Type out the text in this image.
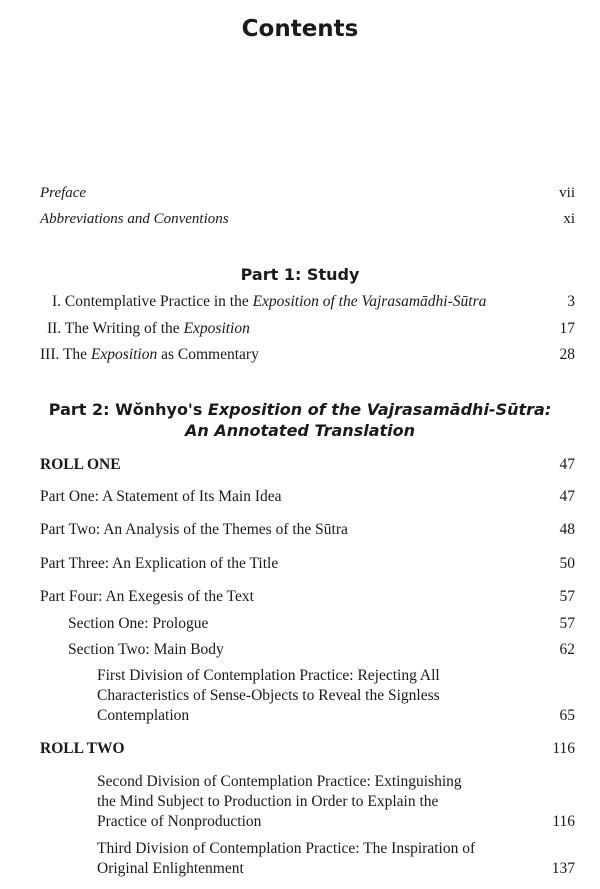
Contents
Preface	vii
Abbreviations and Conventions	xi
Part 1: Study
I. Contemplative Practice in the Exposition of the Vajrasamādhi-Sūtra	3
II. The Writing of the Exposition	17
III. The Exposition as Commentary	28
Part 2: Wŏnhyo's Exposition of the Vajrasamādhi-Sūtra:
An Annotated Translation
ROLL ONE	47
Part One: A Statement of Its Main Idea	47
Part Two: An Analysis of the Themes of the Sūtra	48
Part Three: An Explication of the Title	50
Part Four: An Exegesis of the Text	57
Section One: Prologue	57
Section Two: Main Body	62
First Division of Contemplation Practice: Rejecting All
Characteristics of Sense-Objects to Reveal the Signless
Contemplation	65
ROLL TWO	116
Second Division of Contemplation Practice: Extinguishing
the Mind Subject to Production in Order to Explain the
Practice of Nonproduction	116
Third Division of Contemplation Practice: The Inspiration of
Original Enlightenment	137
